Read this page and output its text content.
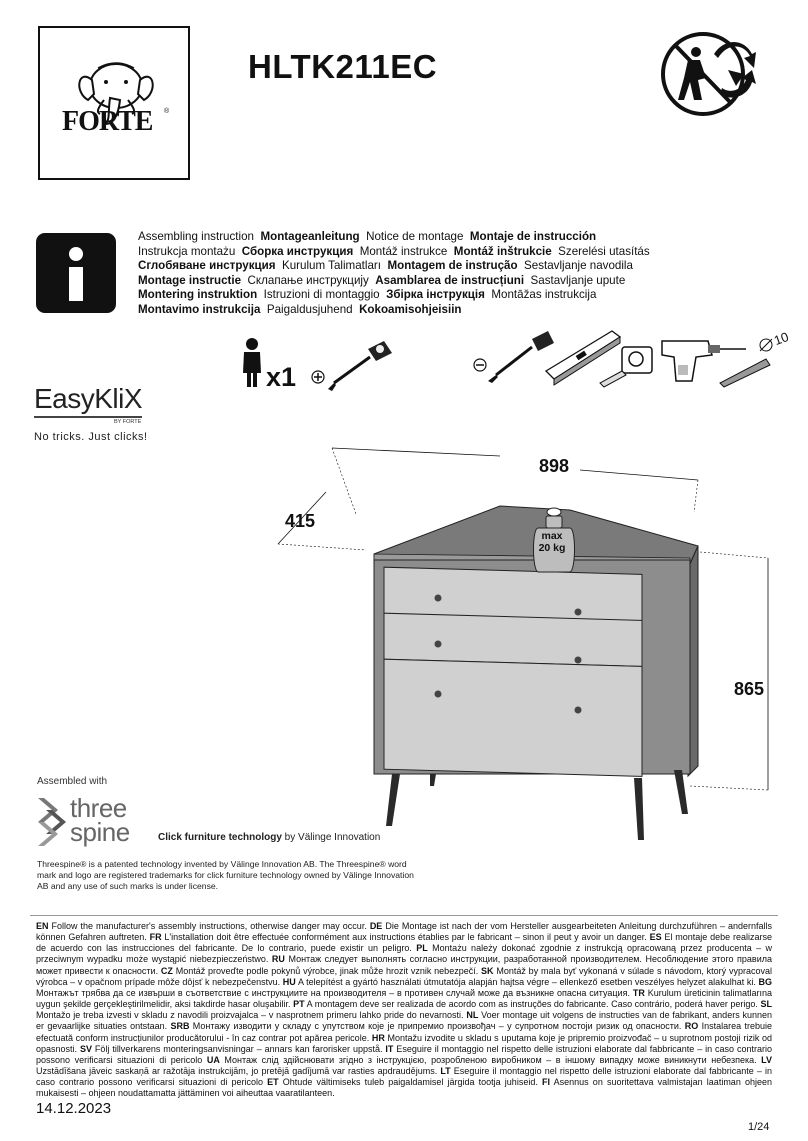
FORTE ®
HLTK211EC
Assembling instruction Montageanleitung Notice de montage Montaje de instrucción
Instrukcja montażu Сборка инструкция Montáž instrukce Montáž inštrukcie Szerelési utasítás
Сглобяване инструкция Kurulum Talimatları Montagem de instrução Sestavljanje navodila
Montage instructie Склапање инструкцију Asamblarea de instrucțiuni Sastavljanje upute
Montering instruktion Istruzioni di montaggio Збірка інструкція Montāžas instrukcija
Montavimo instrukcija Paigaldusjuhend Kokoamisohjeisiin
x1
10
EasyKliX
BY FORTE
No tricks. Just clicks!
898
415
865
max
20 kg
Assembled with
three
spine	Click furniture technology by Välinge Innovation
Threespine® is a patented technology invented by Välinge Innovation AB. The Threespine® word mark and logo are registered trademarks for click furniture technology owned by Välinge Innovation AB and any use of such marks is under license.
EN Follow the manufacturer's assembly instructions, otherwise danger may occur. DE Die Montage ist nach der vom Hersteller ausgearbeiteten Anleitung durchzuführen – andernfalls können Gefahren auftreten. FR L'installation doit être effectuée conformément aux instructions établies par le fabricant – sinon il peut y avoir un danger. ES El montaje debe realizarse de acuerdo con las instrucciones del fabricante. De lo contrario, puede existir un peligro. PL Montażu należy dokonać zgodnie z instrukcją opracowaną przez producenta – w przeciwnym wypadku może wystąpić niebezpieczeństwo. RU Монтаж следует выполнять согласно инструкции, разработанной производителем. Несоблюдение этого правила может привести к опасности. CZ Montáž proveďte podle pokynů výrobce, jinak může hrozit vznik nebezpečí. SK Montáž by mala byť vykonaná v súlade s návodom, ktorý vypracoval výrobca – v opačnom prípade môže dôjsť k nebezpečenstvu. HU A telepítést a gyártó használati útmutatója alapján hajtsa végre – ellenkező esetben veszélyes helyzet alakulhat ki. BG Монтажът трябва да се извърши в съответствие с инструкциите на производителя – в противен случай може да възникне опасна ситуация. TR Kurulum üreticinin talimatlarına uygun şekilde gerçekleştirilmelidir, aksi takdirde hasar oluşabilir. PT A montagem deve ser realizada de acordo com as instruções do fabricante. Caso contrário, poderá haver perigo. SL Montažo je treba izvesti v skladu z navodili proizvajalca – v nasprotnem primeru lahko pride do nevarnosti. NL Voer montage uit volgens de instructies van de fabrikant, anders kunnen er gevaarlijke situaties ontstaan. SRB Монтажу изводити у складу с упутством које је припремио произвођач – у супротном постоји ризик од опасности. RO Instalarea trebuie efectuată conform instrucțiunilor producătorului - în caz contrar pot apărea pericole. HR Montažu izvodite u skladu s uputama koje je pripremio proizvođač – u suprotnom postoji rizik od opasnosti. SV Följ tillverkarens monteringsanvisningar – annars kan farorisker uppstå. IT Eseguire il montaggio nel rispetto delle istruzioni elaborate dal fabbricante – in caso contrario possono verificarsi situazioni di pericolo UA Монтаж слід здійснювати згідно з інструкцією, розробленою виробником – в іншому випадку може виникнути небезпека. LV Uzstādīšana jāveic saskaņā ar ražotāja instrukcijām, jo pretējā gadījumā var rasties apdraudējums. LT Eseguire il montaggio nel rispetto delle istruzioni elaborate dal fabbricante – in caso contrario possono verificarsi situazioni di pericolo ET Ohtude vältimiseks tuleb paigaldamisel järgida tootja juhiseid. FI Asennus on suoritettava valmistajan laatiman ohjeen mukaisesti – ohjeen noudattamatta jättäminen voi aiheuttaa vaaratilanteen.
14.12.2023
1/24
